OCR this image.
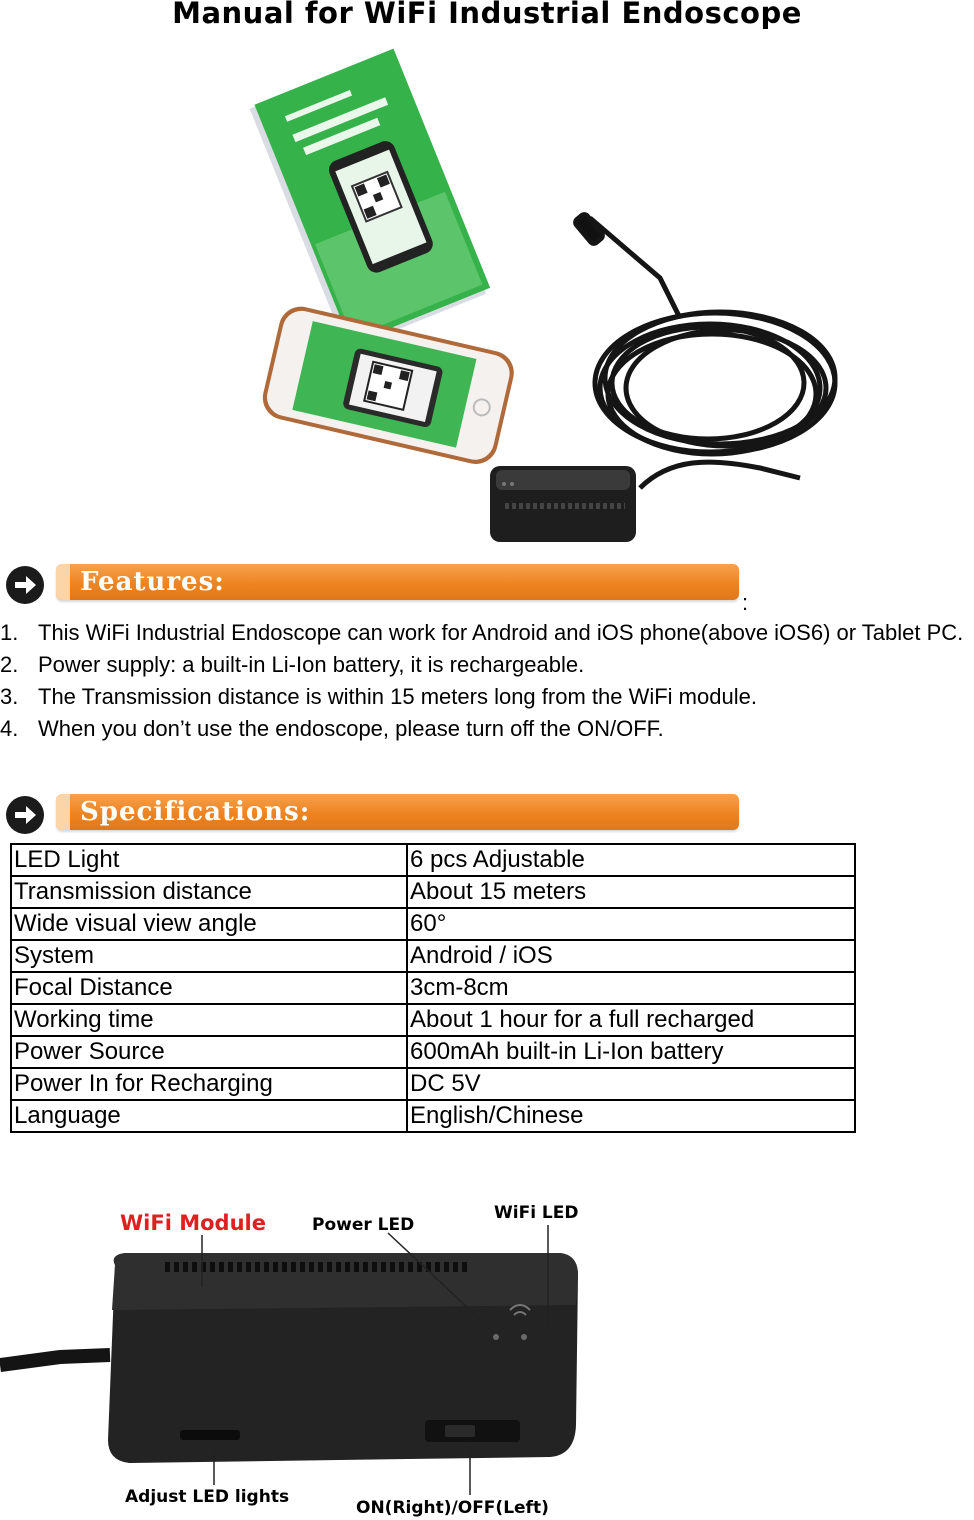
Manual for WiFi Industrial Endoscope
Features:
:
1. This WiFi Industrial Endoscope can work for Android and iOS phone(above iOS6) or Tablet PC.
2. Power supply: a built-in Li-Ion battery, it is rechargeable.
3. The Transmission distance is within 15 meters long from the WiFi module.
4. When you don’t use the endoscope, please turn off the ON/OFF.
Specifications:
LED Light	6 pcs Adjustable
Transmission distance	About 15 meters
Wide visual view angle	60°
System	Android / iOS
Focal Distance	3cm-8cm
Working time	About 1 hour for a full recharged
Power Source	600mAh built-in Li-Ion battery
Power In for Recharging	DC 5V
Language	English/Chinese
WiFi Module	Power LED
WiFi LED
Adjust LED lights
ON(Right)/OFF(Left)
